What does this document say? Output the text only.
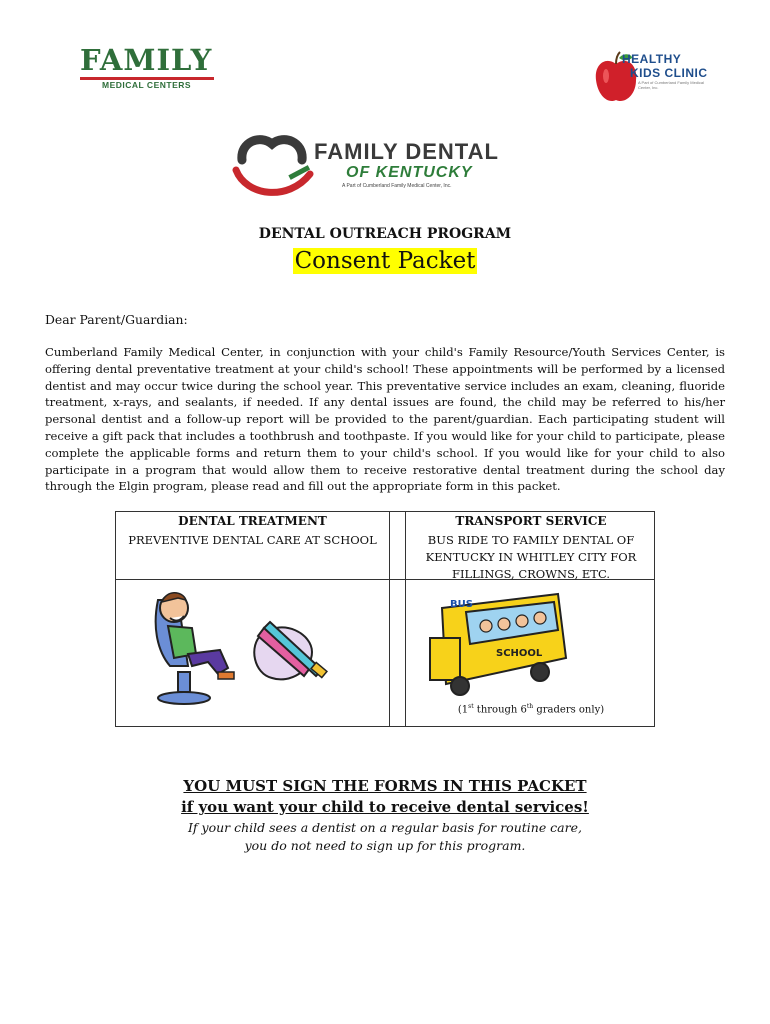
FAMILY
MEDICAL CENTERS
HEALTHY
KIDS CLINIC
A Part of Cumberland Family Medical Center, Inc.
FAMILY DENTAL
OF KENTUCKY
A Part of Cumberland Family Medical Center, Inc.
DENTAL OUTREACH PROGRAM
Consent Packet
Dear Parent/Guardian:
Cumberland Family Medical Center, in conjunction with your child's Family Resource/Youth Services Center, is offering dental preventative treatment at your child's school! These appointments will be performed by a licensed dentist and may occur twice during the school year. This preventative service includes an exam, cleaning, fluoride treatment, x-rays, and sealants, if needed. If any dental issues are found, the child may be referred to his/her personal dentist and a follow-up report will be provided to the parent/guardian. Each participating student will receive a gift pack that includes a toothbrush and toothpaste. If you would like for your child to participate, please complete the applicable forms and return them to your child's school. If you would like for your child to also participate in a program that would allow them to receive restorative dental treatment during the school day through the Elgin program, please read and fill out the appropriate form in this packet.
DENTAL TREATMENT
PREVENTIVE DENTAL CARE AT SCHOOL
TRANSPORT SERVICE
BUS RIDE TO FAMILY DENTAL OF
KENTUCKY IN WHITLEY CITY FOR
FILLINGS, CROWNS, ETC.
BUS
SCHOOL
(1st through 6th graders only)
YOU MUST SIGN THE FORMS IN THIS PACKET
if you want your child to receive dental services!
If your child sees a dentist on a regular basis for routine care,
you do not need to sign up for this program.
